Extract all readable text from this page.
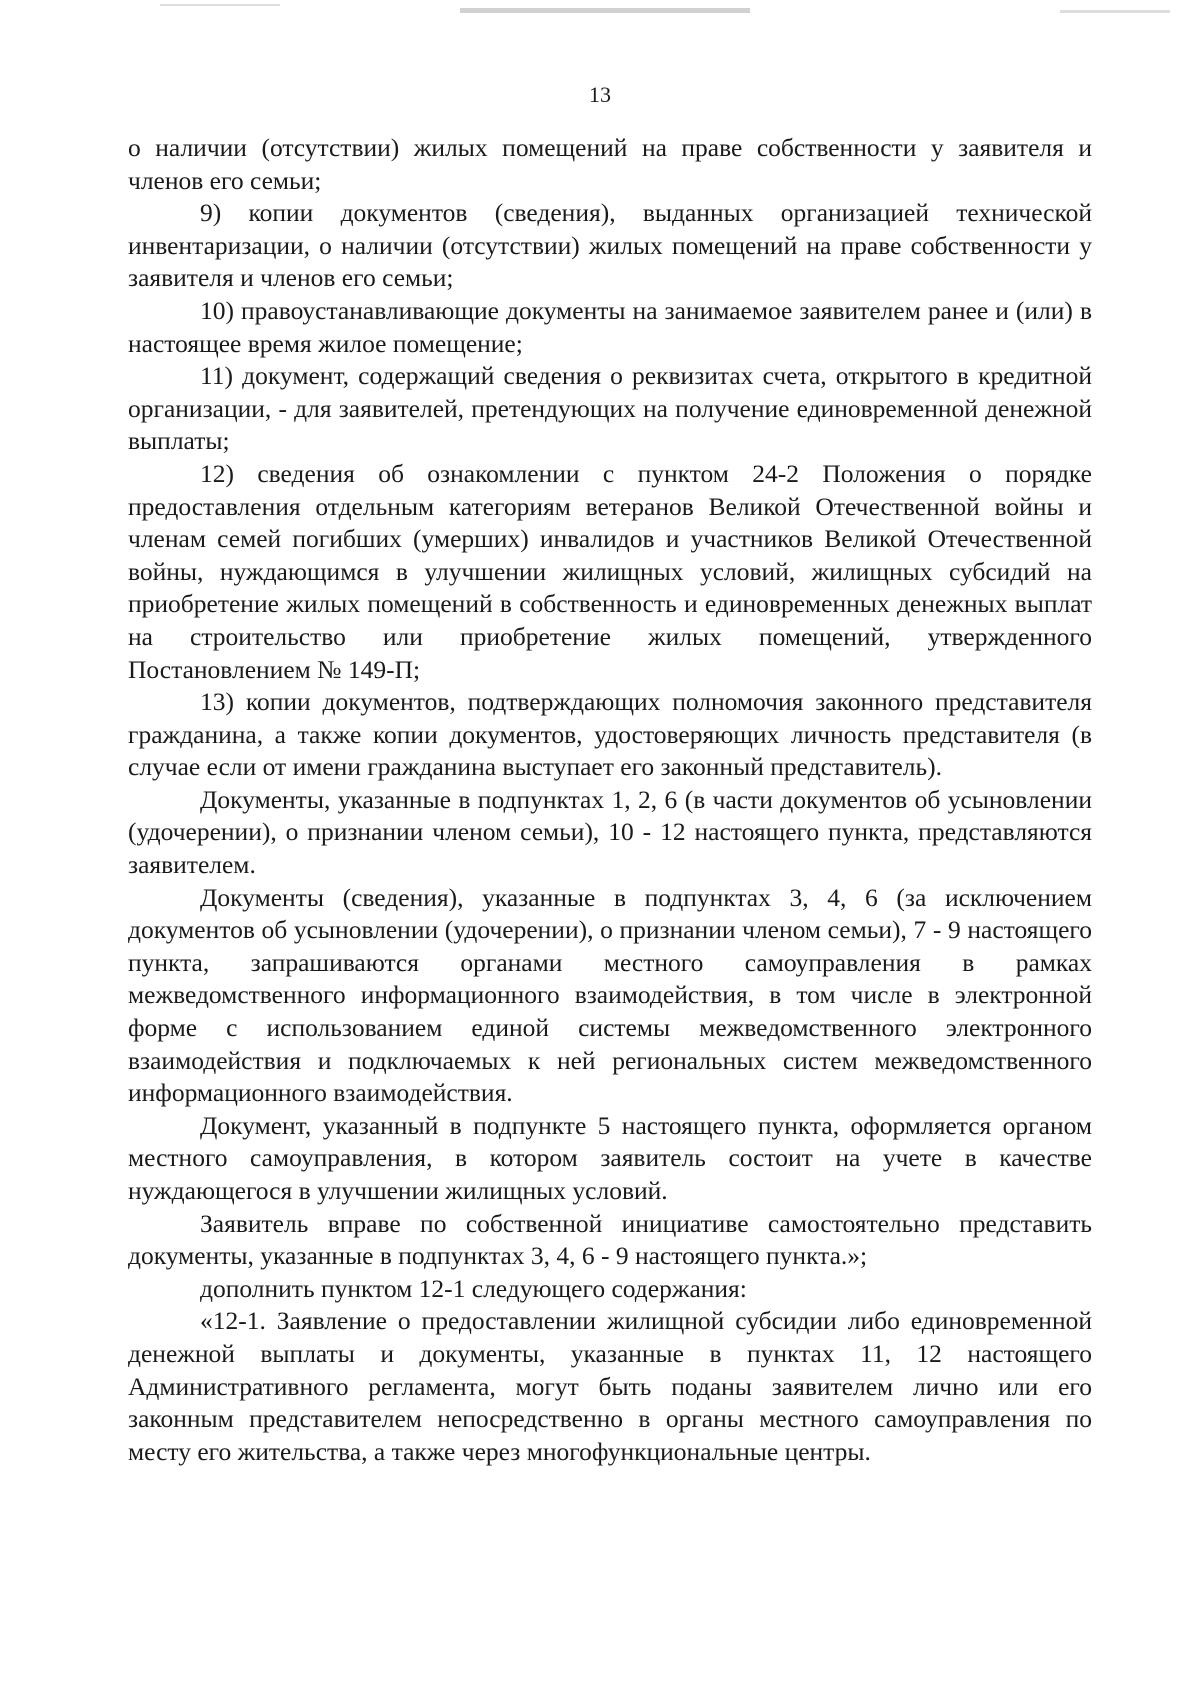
13

о наличии (отсутствии) жилых помещений на праве собственности у заявителя и членов его семьи;

9) копии документов (сведения), выданных организацией технической инвентаризации, о наличии (отсутствии) жилых помещений на праве собственности у заявителя и членов его семьи;

10) правоустанавливающие документы на занимаемое заявителем ранее и (или) в настоящее время жилое помещение;

11) документ, содержащий сведения о реквизитах счета, открытого в кредитной организации, - для заявителей, претендующих на получение единовременной денежной выплаты;

12) сведения об ознакомлении с пунктом 24-2 Положения о порядке предоставления отдельным категориям ветеранов Великой Отечественной войны и членам семей погибших (умерших) инвалидов и участников Великой Отечественной войны, нуждающимся в улучшении жилищных условий, жилищных субсидий на приобретение жилых помещений в собственность и единовременных денежных выплат на строительство или приобретение жилых помещений, утвержденного Постановлением № 149-П;

13) копии документов, подтверждающих полномочия законного представителя гражданина, а также копии документов, удостоверяющих личность представителя (в случае если от имени гражданина выступает его законный представитель).

Документы, указанные в подпунктах 1, 2, 6 (в части документов об усыновлении (удочерении), о признании членом семьи), 10 - 12 настоящего пункта, представляются заявителем.

Документы (сведения), указанные в подпунктах 3, 4, 6 (за исключением документов об усыновлении (удочерении), о признании членом семьи), 7 - 9 настоящего пункта, запрашиваются органами местного самоуправления в рамках межведомственного информационного взаимодействия, в том числе в электронной форме с использованием единой системы межведомственного электронного взаимодействия и подключаемых к ней региональных систем межведомственного информационного взаимодействия.

Документ, указанный в подпункте 5 настоящего пункта, оформляется органом местного самоуправления, в котором заявитель состоит на учете в качестве нуждающегося в улучшении жилищных условий.

Заявитель вправе по собственной инициативе самостоятельно представить документы, указанные в подпунктах 3, 4, 6 - 9 настоящего пункта.»;

дополнить пунктом 12-1 следующего содержания:

«12-1. Заявление о предоставлении жилищной субсидии либо единовременной денежной выплаты и документы, указанные в пунктах 11, 12 настоящего Административного регламента, могут быть поданы заявителем лично или его законным представителем непосредственно в органы местного самоуправления по месту его жительства, а также через многофункциональные центры.
